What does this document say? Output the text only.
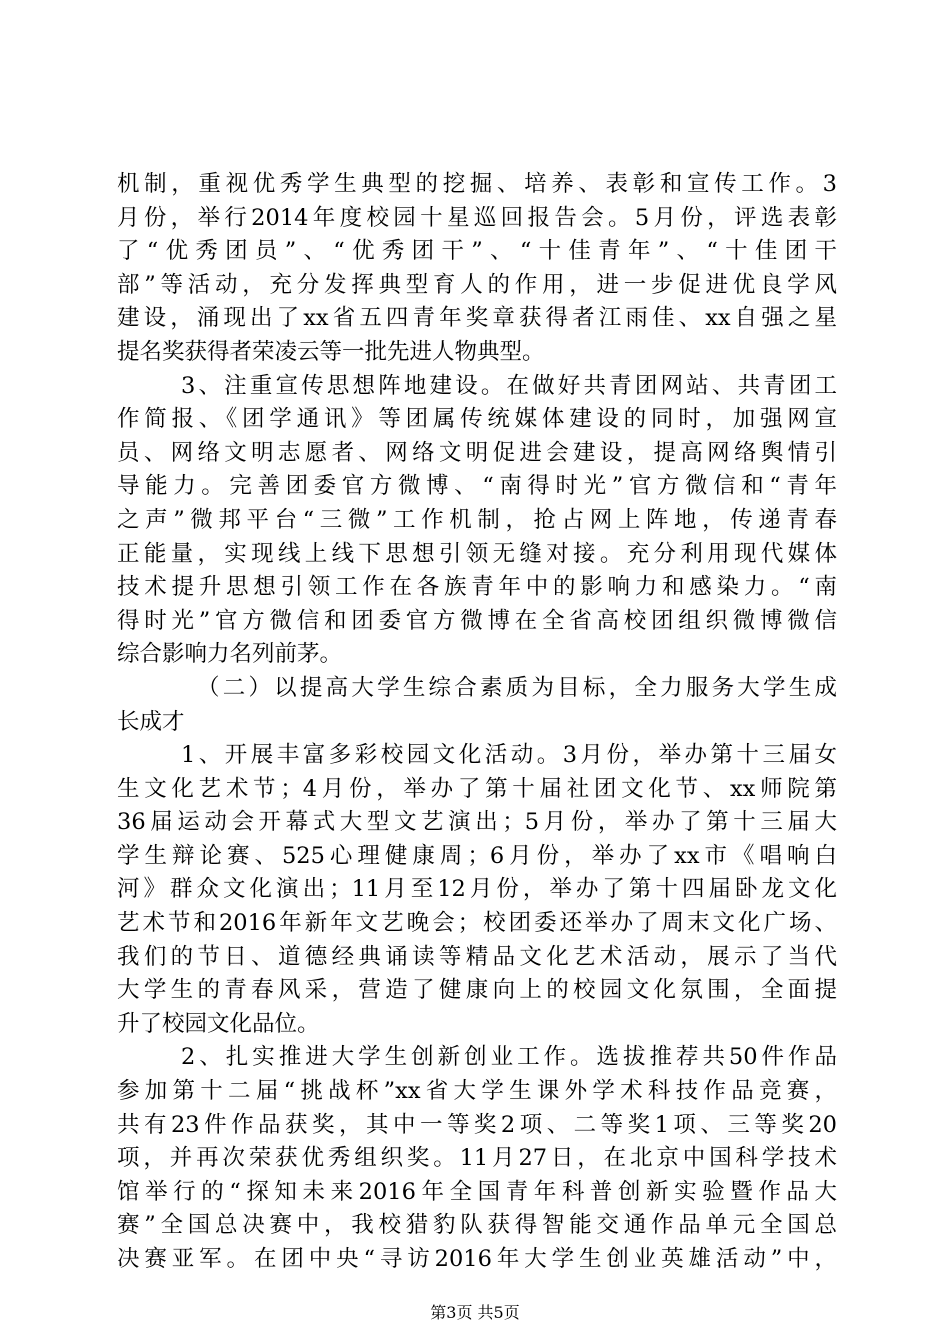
机制，重视优秀学生典型的挖掘、培养、表彰和宣传工作。3
月份，举行2014年度校园十星巡回报告会。5月份，评选表彰
了“优秀团员”、“优秀团干”、“十佳青年”、“十佳团干
部”等活动，充分发挥典型育人的作用，进一步促进优良学风
建设，涌现出了xx省五四青年奖章获得者江雨佳、xx自强之星
提名奖获得者荣凌云等一批先进人物典型。
3、注重宣传思想阵地建设。在做好共青团网站、共青团工
作简报、《团学通讯》等团属传统媒体建设的同时，加强网宣
员、网络文明志愿者、网络文明促进会建设，提高网络舆情引
导能力。完善团委官方微博、“南得时光”官方微信和“青年
之声”微邦平台“三微”工作机制，抢占网上阵地，传递青春
正能量，实现线上线下思想引领无缝对接。充分利用现代媒体
技术提升思想引领工作在各族青年中的影响力和感染力。“南
得时光”官方微信和团委官方微博在全省高校团组织微博微信
综合影响力名列前茅。
（二）以提高大学生综合素质为目标，全力服务大学生成
长成才
1、开展丰富多彩校园文化活动。3月份，举办第十三届女
生文化艺术节；4月份，举办了第十届社团文化节、xx师院第
36届运动会开幕式大型文艺演出；5月份，举办了第十三届大
学生辩论赛、525心理健康周；6月份，举办了xx市《唱响白
河》群众文化演出；11月至12月份，举办了第十四届卧龙文化
艺术节和2016年新年文艺晚会；校团委还举办了周末文化广场、
我们的节日、道德经典诵读等精品文化艺术活动，展示了当代
大学生的青春风采，营造了健康向上的校园文化氛围，全面提
升了校园文化品位。
2、扎实推进大学生创新创业工作。选拔推荐共50件作品
参加第十二届“挑战杯”xx省大学生课外学术科技作品竞赛，
共有23件作品获奖，其中一等奖2项、二等奖1项、三等奖20
项，并再次荣获优秀组织奖。11月27日，在北京中国科学技术
馆举行的“探知未来2016年全国青年科普创新实验暨作品大
赛”全国总决赛中，我校猎豹队获得智能交通作品单元全国总
决赛亚军。在团中央“寻访2016年大学生创业英雄活动”中，
第3页 共5页
